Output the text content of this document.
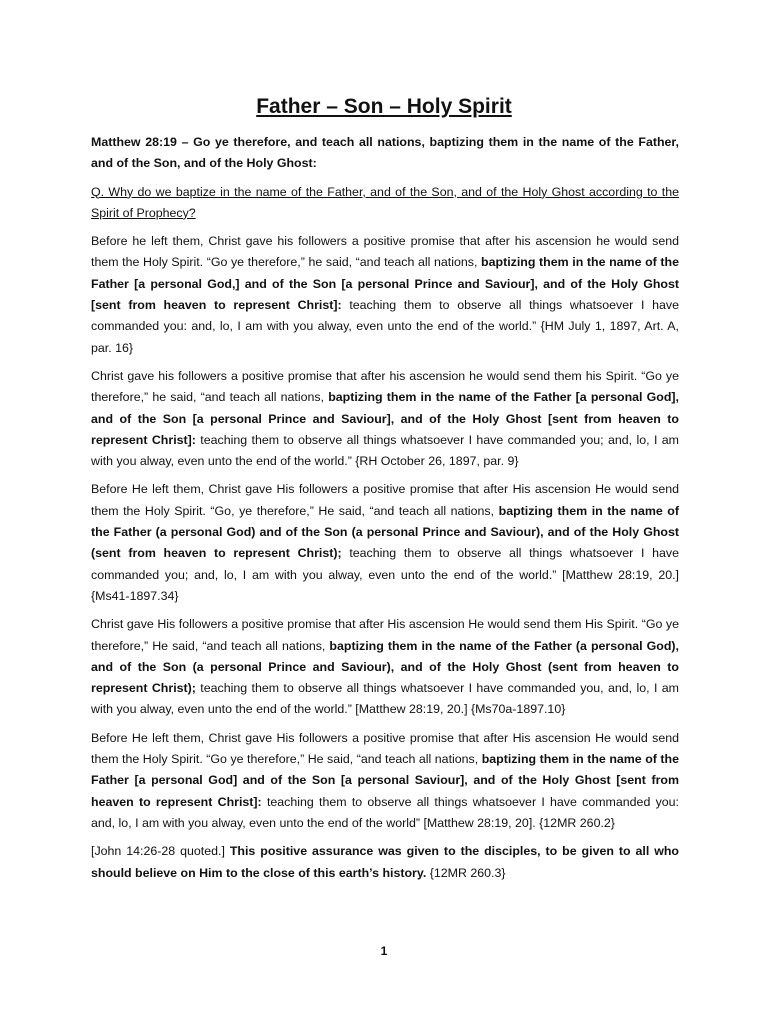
Father – Son – Holy Spirit

Matthew 28:19 – Go ye therefore, and teach all nations, baptizing them in the name of the Father, and of the Son, and of the Holy Ghost:

Q. Why do we baptize in the name of the Father, and of the Son, and of the Holy Ghost according to the Spirit of Prophecy?

Before he left them, Christ gave his followers a positive promise that after his ascension he would send them the Holy Spirit. “Go ye therefore,” he said, “and teach all nations, baptizing them in the name of the Father [a personal God,] and of the Son [a personal Prince and Saviour], and of the Holy Ghost [sent from heaven to represent Christ]: teaching them to observe all things whatsoever I have commanded you: and, lo, I am with you alway, even unto the end of the world.” {HM July 1, 1897, Art. A, par. 16}

Christ gave his followers a positive promise that after his ascension he would send them his Spirit. “Go ye therefore,” he said, “and teach all nations, baptizing them in the name of the Father [a personal God], and of the Son [a personal Prince and Saviour], and of the Holy Ghost [sent from heaven to represent Christ]: teaching them to observe all things whatsoever I have commanded you; and, lo, I am with you alway, even unto the end of the world.” {RH October 26, 1897, par. 9}

Before He left them, Christ gave His followers a positive promise that after His ascension He would send them the Holy Spirit. “Go, ye therefore,” He said, “and teach all nations, baptizing them in the name of the Father (a personal God) and of the Son (a personal Prince and Saviour), and of the Holy Ghost (sent from heaven to represent Christ); teaching them to observe all things whatsoever I have commanded you; and, lo, I am with you alway, even unto the end of the world.” [Matthew 28:19, 20.] {Ms41-1897.34}

Christ gave His followers a positive promise that after His ascension He would send them His Spirit. “Go ye therefore,” He said, “and teach all nations, baptizing them in the name of the Father (a personal God), and of the Son (a personal Prince and Saviour), and of the Holy Ghost (sent from heaven to represent Christ); teaching them to observe all things whatsoever I have commanded you, and, lo, I am with you alway, even unto the end of the world.” [Matthew 28:19, 20.] {Ms70a-1897.10}

Before He left them, Christ gave His followers a positive promise that after His ascension He would send them the Holy Spirit. “Go ye therefore,” He said, “and teach all nations, baptizing them in the name of the Father [a personal God] and of the Son [a personal Saviour], and of the Holy Ghost [sent from heaven to represent Christ]: teaching them to observe all things whatsoever I have commanded you: and, lo, I am with you alway, even unto the end of the world” [Matthew 28:19, 20]. {12MR 260.2}

[John 14:26-28 quoted.] This positive assurance was given to the disciples, to be given to all who should believe on Him to the close of this earth’s history. {12MR 260.3}

1
